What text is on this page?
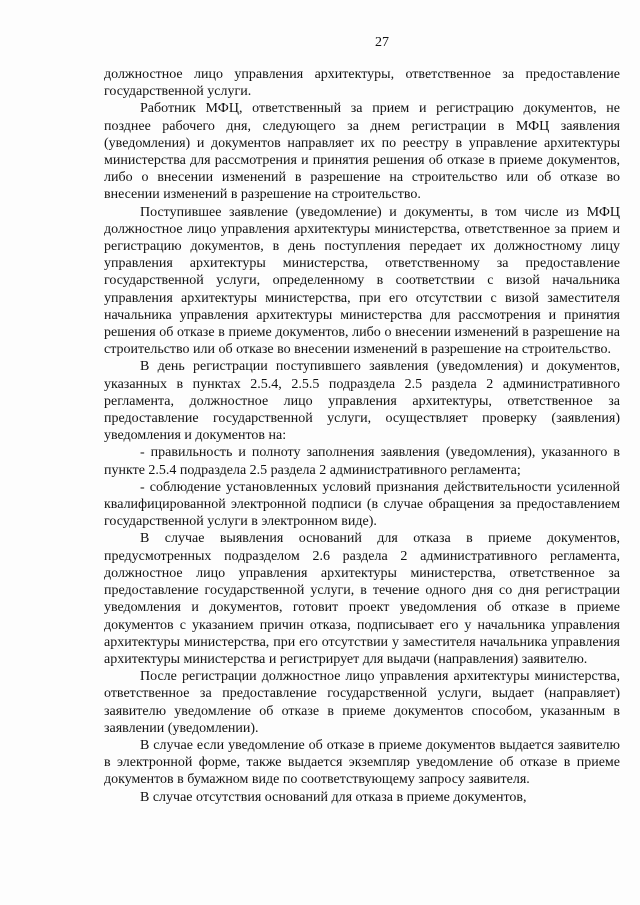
27

должностное лицо управления архитектуры, ответственное за предоставление государственной услуги.

Работник МФЦ, ответственный за прием и регистрацию документов, не позднее рабочего дня, следующего за днем регистрации в МФЦ заявления (уведомления) и документов направляет их по реестру в управление архитектуры министерства для рассмотрения и принятия решения об отказе в приеме документов, либо о внесении изменений в разрешение на строительство или об отказе во внесении изменений в разрешение на строительство.

Поступившее заявление (уведомление) и документы, в том числе из МФЦ должностное лицо управления архитектуры министерства, ответственное за прием и регистрацию документов, в день поступления передает их должностному лицу управления архитектуры министерства, ответственному за предоставление государственной услуги, определенному в соответствии с визой начальника управления архитектуры министерства, при его отсутствии с визой заместителя начальника управления архитектуры министерства для рассмотрения и принятия решения об отказе в приеме документов, либо о внесении изменений в разрешение на строительство или об отказе во внесении изменений в разрешение на строительство.

В день регистрации поступившего заявления (уведомления) и документов, указанных в пунктах 2.5.4, 2.5.5 подраздела 2.5 раздела 2 административного регламента, должностное лицо управления архитектуры, ответственное за предоставление государственной услуги, осуществляет проверку (заявления) уведомления и документов на:

- правильность и полноту заполнения заявления (уведомления), указанного в пункте 2.5.4 подраздела 2.5 раздела 2 административного регламента;

- соблюдение установленных условий признания действительности усиленной квалифицированной электронной подписи (в случае обращения за предоставлением государственной услуги в электронном виде).

В случае выявления оснований для отказа в приеме документов, предусмотренных подразделом 2.6 раздела 2 административного регламента, должностное лицо управления архитектуры министерства, ответственное за предоставление государственной услуги, в течение одного дня со дня регистрации уведомления и документов, готовит проект уведомления об отказе в приеме документов с указанием причин отказа, подписывает его у начальника управления архитектуры министерства, при его отсутствии у заместителя начальника управления архитектуры министерства и регистрирует для выдачи (направления) заявителю.

После регистрации должностное лицо управления архитектуры министерства, ответственное за предоставление государственной услуги, выдает (направляет) заявителю уведомление об отказе в приеме документов способом, указанным в заявлении (уведомлении).

В случае если уведомление об отказе в приеме документов выдается заявителю в электронной форме, также выдается экземпляр уведомление об отказе в приеме документов в бумажном виде по соответствующему запросу заявителя.

В случае отсутствия оснований для отказа в приеме документов,
